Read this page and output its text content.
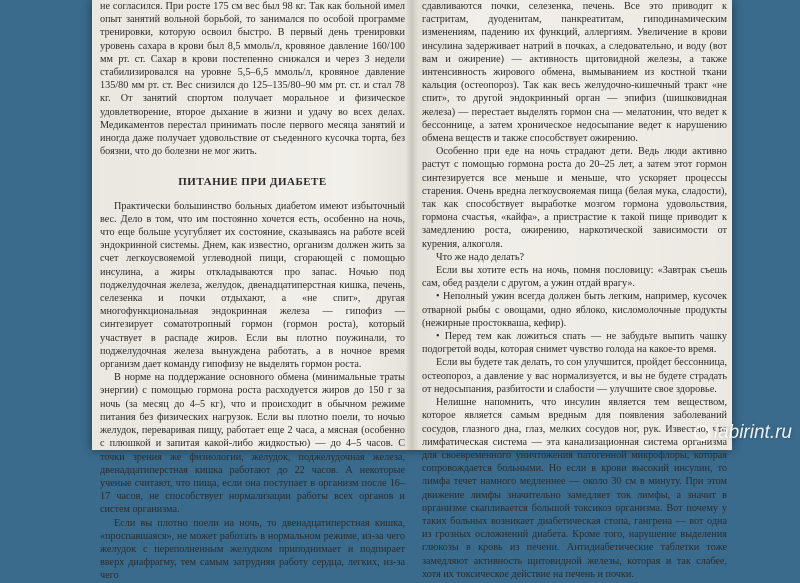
не согласился. При росте 175 см вес был 98 кг. Так как больной имел опыт занятий вольной борьбой, то занимался по особой программе тренировки, которую освоил быстро. В первый день тренировки уровень сахара в крови был 8,5 ммоль/л, кровяное давление 160/100 мм рт. ст. Сахар в крови постепенно снижался и через 3 недели стабилизировался на уровне 5,5–6,5 ммоль/л, кровяное давление 135/80 мм рт. ст. Вес снизился до 125–135/80–90 мм рт. ст. и стал 78 кг. От занятий спортом получает моральное и физическое удовлетворение, второе дыхание в жизни и удачу во всех делах. Медикаментов перестал принимать после первого месяца занятий и иногда даже получает удовольствие от съеденного кусочка торта, без боязни, что до болезни не мог жить.

ПИТАНИЕ ПРИ ДИАБЕТЕ

Практически большинство больных диабетом имеют избыточный вес. Дело в том, что им постоянно хочется есть, особенно на ночь, что еще больше усугубляет их состояние, сказываясь на работе всей эндокринной системы. Днем, как известно, организм должен жить за счет легкоусвояемой углеводной пищи, сгорающей с помощью инсулина, а жиры откладываются про запас. Ночью под поджелудочная железа, желудок, двенадцатиперстная кишка, печень, селезенка и почки отдыхают, а «не спит», другая многофункциональная эндокринная железа — гипофиз — синтезирует соматотропный гормон (гормон роста), который участвует в распаде жиров. Если вы плотно поужинали, то поджелудочная железа вынуждена работать, а в ночное время организм дает команду гипофизу не выделять гормон роста.

В норме на поддержание основного обмена (минимальные траты энергии) с помощью гормона роста расходуется жиров до 150 г за ночь (за месяц до 4–5 кг), что и происходит в обычном режиме питания без физических нагрузок. Если вы плотно поели, то ночью желудок, переваривая пищу, работает еще 2 часа, а мясная (особенно с плюшкой и запитая какой-либо жидкостью) — до 4–5 часов. С точки зрения же физиологии, желудок, поджелудочная железа, двенадцатиперстная кишка работают до 22 часов. А некоторые ученые считают, что пища, если она поступает в организм после 16–17 часов, не способствует нормализации работы всех органов и систем организма.

Если вы плотно поели на ночь, то двенадцатиперстная кишка, «проспавшаяся», не может работать в нормальном режиме, из-за чего желудок с переполненным желудком приподнимает и подпирает вверх диафрагму, тем самым затрудняя работу сердца, легких, из-за чего

сдавливаются почки, селезенка, печень. Все это приводит к гастритам, дуоденитам, панкреатитам, гиподинамическим изменениям, падению их функций, аллергиям. Увеличение в крови инсулина задерживает натрий в почках, а следовательно, и воду (вот вам и ожирение) — активность щитовидной железы, а также интенсивность жирового обмена, вымыванием из костной ткани кальция (остеопороз). Так как весь желудочно-кишечный тракт «не спит», то другой эндокринный орган — эпифиз (шишковидная железа) — перестает выделять гормон сна — мелатонин, что ведет к бессоннице, а затем хроническое недосыпание ведет к нарушению обмена веществ и также способствует ожирению.

Особенно при еде на ночь страдают дети. Ведь люди активно растут с помощью гормона роста до 20–25 лет, а затем этот гормон синтезируется все меньше и меньше, что ускоряет процессы старения. Очень вредна легкоусвояемая пища (белая мука, сладости), так как способствует выработке мозгом гормона удовольствия, гормона счастья, «кайфа», а пристрастие к такой пище приводит к замедлению роста, ожирению, наркотической зависимости от курения, алкоголя.

Что же надо делать?

Если вы хотите есть на ночь, помня пословицу: «Завтрак съешь сам, обед раздели с другом, а ужин отдай врагу».

• Неполный ужин всегда должен быть легким, например, кусочек отварной рыбы с овощами, одно яблоко, кисломолочные продукты (нежирные простокваша, кефир).

• Перед тем как ложиться спать — не забудьте выпить чашку подогретой воды, которая снимет чувство голода на какое-то время.

Если вы будете так делать, то сон улучшится, пройдет бессонница, остеопороз, а давление у вас нормализуется, и вы не будете страдать от недосыпания, разбитости и слабости — улучшите свое здоровье.

Нелишне напомнить, что инсулин является тем веществом, которое является самым вредным для появления заболеваний сосудов, глазного дна, глаз, мелких сосудов ног, рук. Известно, что лимфатическая система — эта канализационная система организма для своевременного уничтожения патогенной микрофлоры, которая сопровождается больными. Но если в крови высокий инсулин, то лимфа течет намного медленнее — около 30 см в минуту. При этом движение лимфы значительно замедляет ток лимфы, а значит в организме скапливается большой токсикоз организма. Вот почему у таких больных возникает диабетическая стопа, гангрена — вот одна из грозных осложнений диабета. Кроме того, нарушение выделения глюкозы в кровь из печени. Антидиабетические таблетки тоже замедляют активность щитовидной железы, которая и так слабее, хотя их токсическое действие на печень и почки.

labirint.ru
